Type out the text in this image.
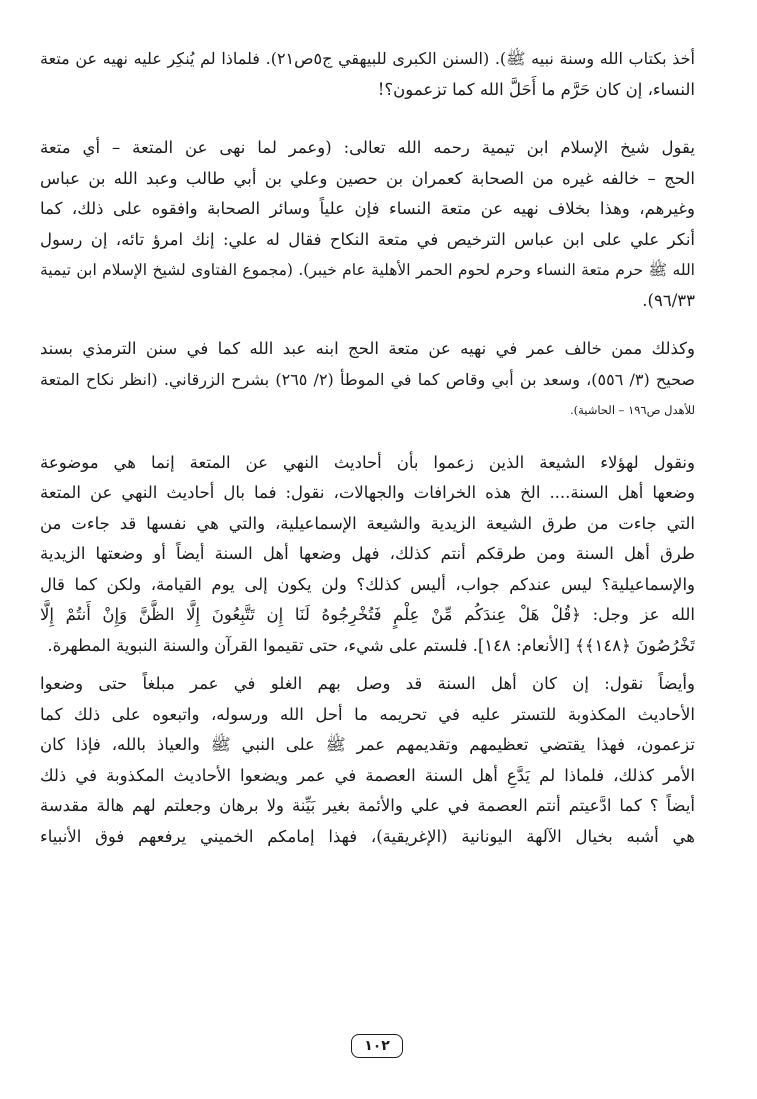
أخذ بكتاب الله وسنة نبيه ﷺ). (السنن الكبرى للبيهقي ج٥ص٢١). فلماذا لم يُنكِر عليه نهيه عن متعة
النساء، إن كان حَرَّم ما أَحَلَّ الله كما تزعمون؟!

يقول شيخ الإسلام ابن تيمية رحمه الله تعالى: (وعمر لما نهى عن المتعة – أي متعة
الحج – خالفه غيره من الصحابة كعمران بن حصين وعلي بن أبي طالب وعبد الله بن عباس
وغيرهم، وهذا بخلاف نهيه عن متعة النساء فإن علياً وسائر الصحابة وافقوه على ذلك، كما
أنكر علي على ابن عباس الترخيص في متعة النكاح فقال له علي: إنك امرؤ تائه، إن رسول
الله ﷺ حرم متعة النساء وحرم لحوم الحمر الأهلية عام خيبر). (مجموع الفتاوى لشيخ الإسلام ابن تيمية
٩٦/٣٣).

وكذلك ممن خالف عمر في نهيه عن متعة الحج ابنه عبد الله كما في سنن الترمذي بسند
صحيح (٣/ ٥٥٦)، وسعد بن أبي وقاص كما في الموطأ (٢/ ٢٦٥) بشرح الزرقاني. (انظر نكاح المتعة
للأهدل ص١٩٦ – الحاشية).

ونقول لهؤلاء الشيعة الذين زعموا بأن أحاديث النهي عن المتعة إنما هي موضوعة
وضعها أهل السنة.... الخ هذه الخرافات والجهالات، نقول: فما بال أحاديث النهي عن المتعة
التي جاءت من طرق الشيعة الزيدية والشيعة الإسماعيلية، والتي هي نفسها قد جاءت من
طرق أهل السنة ومن طرقكم أنتم كذلك، فهل وضعها أهل السنة أيضاً أو وضعتها الزيدية
والإسماعيلية؟ ليس عندكم جواب، أليس كذلك؟ ولن يكون إلى يوم القيامة، ولكن كما قال
الله عز وجل: ﴿قُلْ هَلْ عِندَكُم مِّنْ عِلْمٍ فَتُخْرِجُوهُ لَنَا إِن تَتَّبِعُونَ إِلَّا الظَّنَّ وَإِنْ أَنتُمْ إِلَّا
تَخْرُصُونَ ﴿١٤٨﴾﴾ [الأنعام: ١٤٨]. فلستم على شيء، حتى تقيموا القرآن والسنة النبوية المطهرة.

وأيضاً نقول: إن كان أهل السنة قد وصل بهم الغلو في عمر مبلغاً حتى وضعوا
الأحاديث المكذوبة للتستر عليه في تحريمه ما أحل الله ورسوله، واتبعوه على ذلك كما
تزعمون، فهذا يقتضي تعظيمهم وتقديمهم عمر ﷺ على النبي ﷺ والعياذ بالله، فإذا كان
الأمر كذلك، فلماذا لم يَدَّعِ أهل السنة العصمة في عمر ويضعوا الأحاديث المكذوبة في ذلك
أيضاً ؟ كما ادَّعيتم أنتم العصمة في علي والأئمة بغير بَيِّنة ولا برهان وجعلتم لهم هالة مقدسة
هي أشبه بخيال الآلهة اليونانية (الإغريقية)، فهذا إمامكم الخميني يرفعهم فوق الأنبياء

١٠٢
